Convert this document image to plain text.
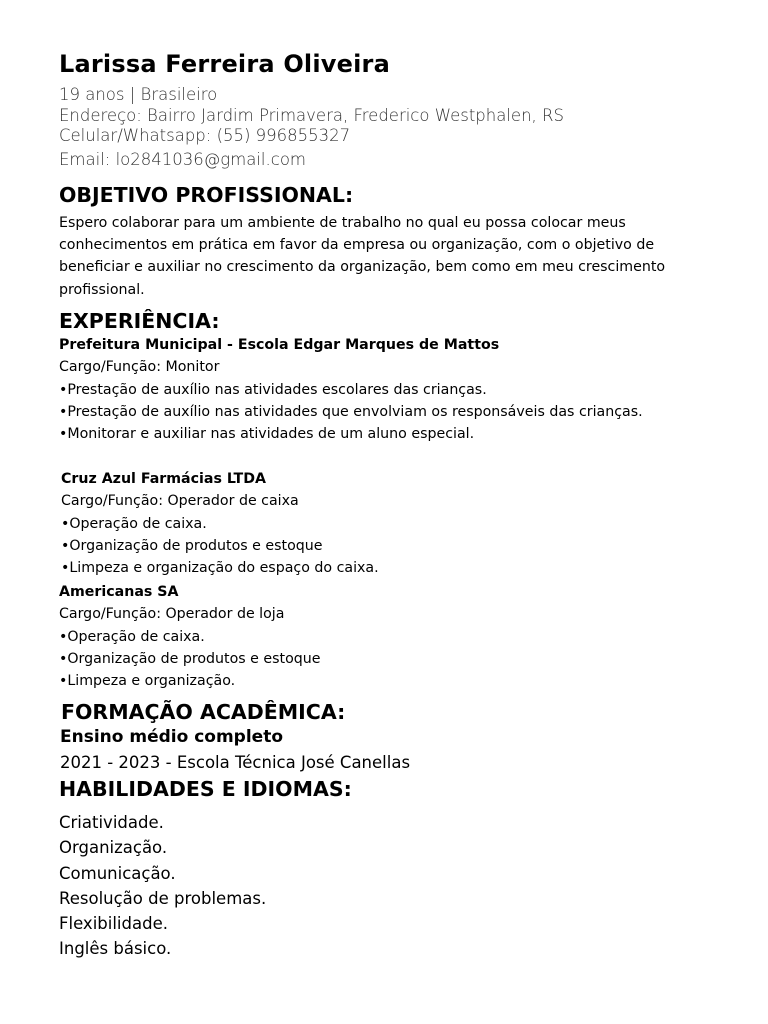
Larissa Ferreira Oliveira
19 anos | Brasileiro
Endereço: Bairro Jardim Primavera, Frederico Westphalen, RS
Celular/Whatsapp: (55) 996855327
Email: lo2841036@gmail.com
OBJETIVO PROFISSIONAL:

Espero colaborar para um ambiente de trabalho no qual eu possa colocar meus conhecimentos em prática em favor da empresa ou organização, com o objetivo de beneficiar e auxiliar no crescimento da organização, bem como em meu crescimento profissional.

EXPERIÊNCIA:
Prefeitura Municipal - Escola Edgar Marques de Mattos
Cargo/Função: Monitor
•Prestação de auxílio nas atividades escolares das crianças.
•Prestação de auxílio nas atividades que envolviam os responsáveis das crianças.
•Monitorar e auxiliar nas atividades de um aluno especial.
Cruz Azul Farmácias LTDA
Cargo/Função: Operador de caixa
•Operação de caixa.
•Organização de produtos e estoque
•Limpeza e organização do espaço do caixa.
Americanas SA
Cargo/Função: Operador de loja
•Operação de caixa.
•Organização de produtos e estoque
•Limpeza e organização.
FORMAÇÃO ACADÊMICA:
Ensino médio completo
2021 - 2023 - Escola Técnica José Canellas
HABILIDADES E IDIOMAS:
Criatividade.
Organização.
Comunicação.
Resolução de problemas.
Flexibilidade.
Inglês básico.
